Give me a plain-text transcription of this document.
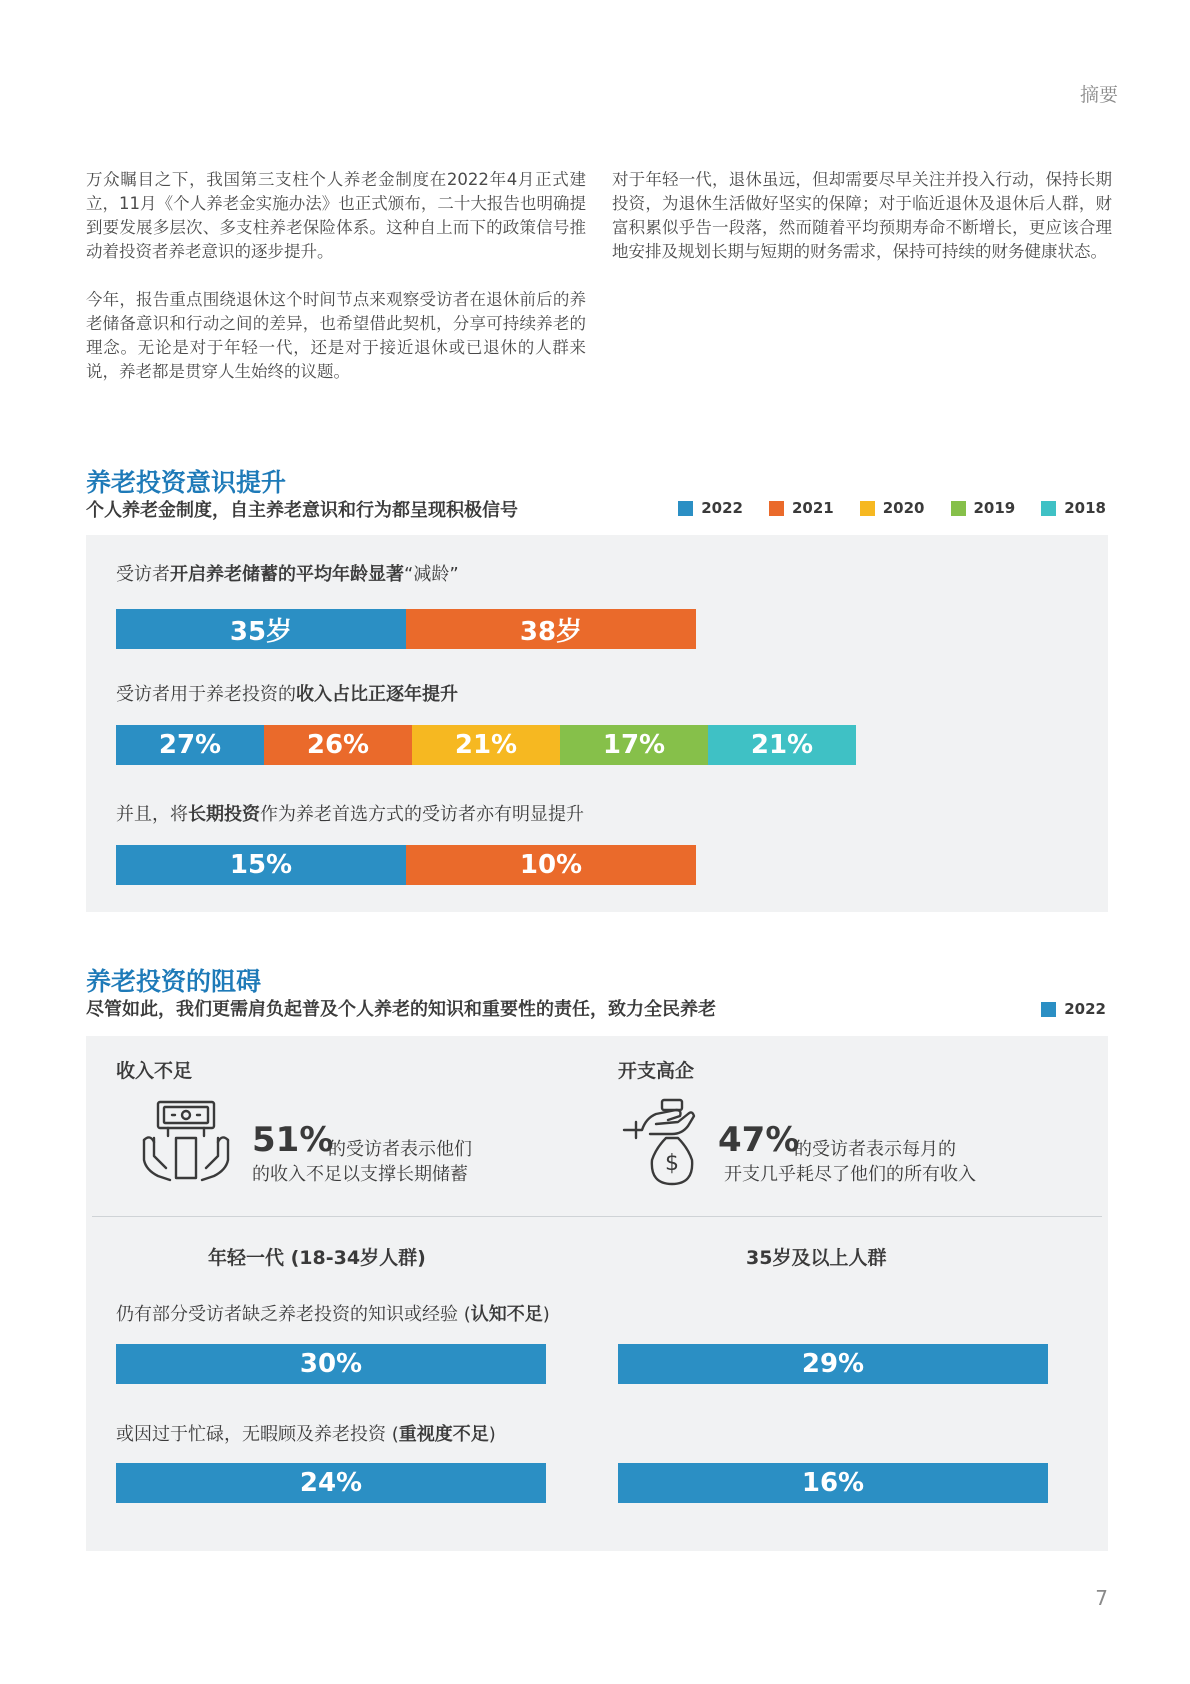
摘要

万众瞩目之下，我国第三支柱个人养老金制度在2022年4月正式建立，11月《个人养老金实施办法》也正式颁布，二十大报告也明确提到要发展多层次、多支柱养老保险体系。这种自上而下的政策信号推动着投资者养老意识的逐步提升。

今年，报告重点围绕退休这个时间节点来观察受访者在退休前后的养老储备意识和行动之间的差异，也希望借此契机，分享可持续养老的理念。无论是对于年轻一代，还是对于接近退休或已退休的人群来说，养老都是贯穿人生始终的议题。

对于年轻一代，退休虽远，但却需要尽早关注并投入行动，保持长期投资，为退休生活做好坚实的保障；对于临近退休及退休后人群，财富积累似乎告一段落，然而随着平均预期寿命不断增长，更应该合理地安排及规划长期与短期的财务需求，保持可持续的财务健康状态。

养老投资意识提升
个人养老金制度，自主养老意识和行为都呈现积极信号	2022	2021	2020	2019	2018
受访者开启养老储蓄的平均年龄显著“减龄”
35岁	38岁
受访者用于养老投资的收入占比正逐年提升
27%	26%	21%	17%	21%
并且，将长期投资作为养老首选方式的受访者亦有明显提升
15%	10%
养老投资的阻碍
尽管如此，我们更需肩负起普及个人养老的知识和重要性的责任，致力全民养老	2022
收入不足
51%
的受访者表示他们
的收入不足以支撑长期储蓄
开支高企
$
47%
的受访者表示每月的
开支几乎耗尽了他们的所有收入
年轻一代 (18-34岁人群)	35岁及以上人群
仍有部分受访者缺乏养老投资的知识或经验 (认知不足)
30%	29%
或因过于忙碌，无暇顾及养老投资 (重视度不足)
24%	16%
7
